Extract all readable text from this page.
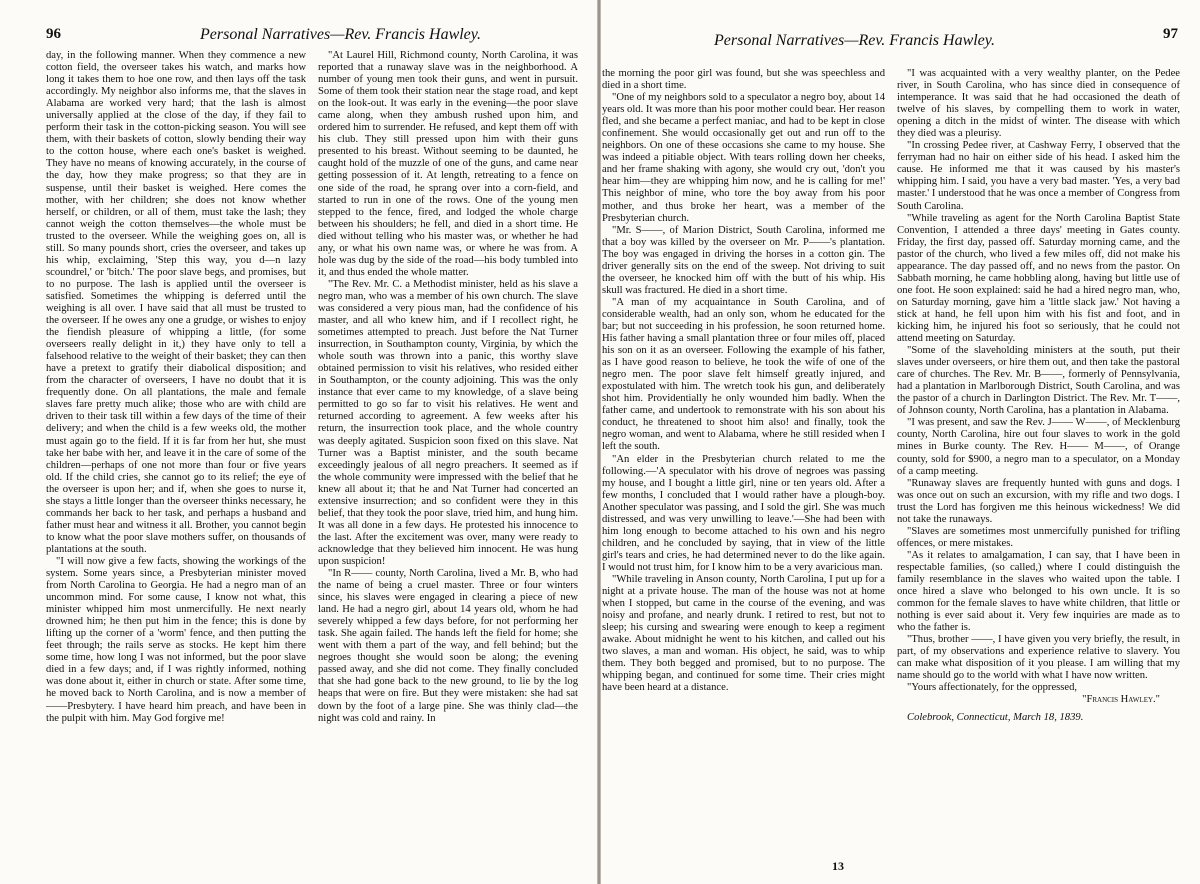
96	Personal Narratives—Rev. Francis Hawley.

day, in the following manner. When they commence a new cotton field, the overseer takes his watch, and marks how long it takes them to hoe one row, and then lays off the task accordingly. My neighbor also informs me, that the slaves in Alabama are worked very hard; that the lash is almost universally applied at the close of the day, if they fail to perform their task in the cotton-picking season. You will see them, with their baskets of cotton, slowly bending their way to the cotton house, where each one's basket is weighed. They have no means of knowing accurately, in the course of the day, how they make progress; so that they are in suspense, until their basket is weighed. Here comes the mother, with her children; she does not know whether herself, or children, or all of them, must take the lash; they cannot weigh the cotton themselves—the whole must be trusted to the overseer. While the weighing goes on, all is still. So many pounds short, cries the overseer, and takes up his whip, exclaiming, 'Step this way, you d—n lazy scoundrel,' or 'bitch.' The poor slave begs, and promises, but to no purpose. The lash is applied until the overseer is satisfied. Sometimes the whipping is deferred until the weighing is all over. I have said that all must be trusted to the overseer. If he owes any one a grudge, or wishes to enjoy the fiendish pleasure of whipping a little, (for some overseers really delight in it,) they have only to tell a falsehood relative to the weight of their basket; they can then have a pretext to gratify their diabolical disposition; and from the character of overseers, I have no doubt that it is frequently done. On all plantations, the male and female slaves fare pretty much alike; those who are with child are driven to their task till within a few days of the time of their delivery; and when the child is a few weeks old, the mother must again go to the field. If it is far from her hut, she must take her babe with her, and leave it in the care of some of the children—perhaps of one not more than four or five years old. If the child cries, she cannot go to its relief; the eye of the overseer is upon her; and if, when she goes to nurse it, she stays a little longer than the overseer thinks necessary, he commands her back to her task, and perhaps a husband and father must hear and witness it all. Brother, you cannot begin to know what the poor slave mothers suffer, on thousands of plantations at the south.

"I will now give a few facts, showing the workings of the system. Some years since, a Presbyterian minister moved from North Carolina to Georgia. He had a negro man of an uncommon mind. For some cause, I know not what, this minister whipped him most unmercifully. He next nearly drowned him; he then put him in the fence; this is done by lifting up the corner of a 'worm' fence, and then putting the feet through; the rails serve as stocks. He kept him there some time, how long I was not informed, but the poor slave died in a few days; and, if I was rightly informed, nothing was done about it, either in church or state. After some time, he moved back to North Carolina, and is now a member of——Presbytery. I have heard him preach, and have been in the pulpit with him. May God forgive me!

"At Laurel Hill, Richmond county, North Carolina, it was reported that a runaway slave was in the neighborhood. A number of young men took their guns, and went in pursuit. Some of them took their station near the stage road, and kept on the look-out. It was early in the evening—the poor slave came along, when they ambush rushed upon him, and ordered him to surrender. He refused, and kept them off with his club. They still pressed upon him with their guns presented to his breast. Without seeming to be daunted, he caught hold of the muzzle of one of the guns, and came near getting possession of it. At length, retreating to a fence on one side of the road, he sprang over into a corn-field, and started to run in one of the rows. One of the young men stepped to the fence, fired, and lodged the whole charge between his shoulders; he fell, and died in a short time. He died without telling who his master was, or whether he had any, or what his own name was, or where he was from. A hole was dug by the side of the road—his body tumbled into it, and thus ended the whole matter.

"The Rev. Mr. C. a Methodist minister, held as his slave a negro man, who was a member of his own church. The slave was considered a very pious man, had the confidence of his master, and all who knew him, and if I recollect right, he sometimes attempted to preach. Just before the Nat Turner insurrection, in Southampton county, Virginia, by which the whole south was thrown into a panic, this worthy slave obtained permission to visit his relatives, who resided either in Southampton, or the county adjoining. This was the only instance that ever came to my knowledge, of a slave being permitted to go so far to visit his relatives. He went and returned according to agreement. A few weeks after his return, the insurrection took place, and the whole country was deeply agitated. Suspicion soon fixed on this slave. Nat Turner was a Baptist minister, and the south became exceedingly jealous of all negro preachers. It seemed as if the whole community were impressed with the belief that he knew all about it; that he and Nat Turner had concerted an extensive insurrection; and so confident were they in this belief, that they took the poor slave, tried him, and hung him. It was all done in a few days. He protested his innocence to the last. After the excitement was over, many were ready to acknowledge that they believed him innocent. He was hung upon suspicion!

"In R—— county, North Carolina, lived a Mr. B, who had the name of being a cruel master. Three or four winters since, his slaves were engaged in clearing a piece of new land. He had a negro girl, about 14 years old, whom he had severely whipped a few days before, for not performing her task. She again failed. The hands left the field for home; she went with them a part of the way, and fell behind; but the negroes thought she would soon be along; the evening passed away, and she did not come. They finally concluded that she had gone back to the new ground, to lie by the log heaps that were on fire. But they were mistaken: she had sat down by the foot of a large pine. She was thinly clad—the night was cold and rainy. In

Personal Narratives—Rev. Francis Hawley.	97

the morning the poor girl was found, but she was speechless and died in a short time.

"One of my neighbors sold to a speculator a negro boy, about 14 years old. It was more than his poor mother could bear. Her reason fled, and she became a perfect maniac, and had to be kept in close confinement. She would occasionally get out and run off to the neighbors. On one of these occasions she came to my house. She was indeed a pitiable object. With tears rolling down her cheeks, and her frame shaking with agony, she would cry out, 'don't you hear him—they are whipping him now, and he is calling for me!' This neighbor of mine, who tore the boy away from his poor mother, and thus broke her heart, was a member of the Presbyterian church.

"Mr. S——, of Marion District, South Carolina, informed me that a boy was killed by the overseer on Mr. P——'s plantation. The boy was engaged in driving the horses in a cotton gin. The driver generally sits on the end of the sweep. Not driving to suit the overseer, he knocked him off with the butt of his whip. His skull was fractured. He died in a short time.

"A man of my acquaintance in South Carolina, and of considerable wealth, had an only son, whom he educated for the bar; but not succeeding in his profession, he soon returned home. His father having a small plantation three or four miles off, placed his son on it as an overseer. Following the example of his father, as I have good reason to believe, he took the wife of one of the negro men. The poor slave felt himself greatly injured, and expostulated with him. The wretch took his gun, and deliberately shot him. Providentially he only wounded him badly. When the father came, and undertook to remonstrate with his son about his conduct, he threatened to shoot him also! and finally, took the negro woman, and went to Alabama, where he still resided when I left the south.

"An elder in the Presbyterian church related to me the following.—'A speculator with his drove of negroes was passing my house, and I bought a little girl, nine or ten years old. After a few months, I concluded that I would rather have a plough-boy. Another speculator was passing, and I sold the girl. She was much distressed, and was very unwilling to leave.'—She had been with him long enough to become attached to his own and his negro children, and he concluded by saying, that in view of the little girl's tears and cries, he had determined never to do the like again. I would not trust him, for I know him to be a very avaricious man.

"While traveling in Anson county, North Carolina, I put up for a night at a private house. The man of the house was not at home when I stopped, but came in the course of the evening, and was noisy and profane, and nearly drunk. I retired to rest, but not to sleep; his cursing and swearing were enough to keep a regiment awake. About midnight he went to his kitchen, and called out his two slaves, a man and woman. His object, he said, was to whip them. They both begged and promised, but to no purpose. The whipping began, and continued for some time. Their cries might have been heard at a distance.

"I was acquainted with a very wealthy planter, on the Pedee river, in South Carolina, who has since died in consequence of intemperance. It was said that he had occasioned the death of twelve of his slaves, by compelling them to work in water, opening a ditch in the midst of winter. The disease with which they died was a pleurisy.

"In crossing Pedee river, at Cashway Ferry, I observed that the ferryman had no hair on either side of his head. I asked him the cause. He informed me that it was caused by his master's whipping him. I said, you have a very bad master. 'Yes, a very bad master.' I understood that he was once a member of Congress from South Carolina.

"While traveling as agent for the North Carolina Baptist State Convention, I attended a three days' meeting in Gates county. Friday, the first day, passed off. Saturday morning came, and the pastor of the church, who lived a few miles off, did not make his appearance. The day passed off, and no news from the pastor. On Sabbath morning, he came hobbling along, having but little use of one foot. He soon explained: said he had a hired negro man, who, on Saturday morning, gave him a 'little slack jaw.' Not having a stick at hand, he fell upon him with his fist and foot, and in kicking him, he injured his foot so seriously, that he could not attend meeting on Saturday.

"Some of the slaveholding ministers at the south, put their slaves under overseers, or hire them out, and then take the pastoral care of churches. The Rev. Mr. B——, formerly of Pennsylvania, had a plantation in Marlborough District, South Carolina, and was the pastor of a church in Darlington District. The Rev. Mr. T——, of Johnson county, North Carolina, has a plantation in Alabama.

"I was present, and saw the Rev. J—— W——, of Mecklenburg county, North Carolina, hire out four slaves to work in the gold mines in Burke county. The Rev. H—— M——, of Orange county, sold for $900, a negro man to a speculator, on a Monday of a camp meeting.

"Runaway slaves are frequently hunted with guns and dogs. I was once out on such an excursion, with my rifle and two dogs. I trust the Lord has forgiven me this heinous wickedness! We did not take the runaways.

"Slaves are sometimes most unmercifully punished for trifling offences, or mere mistakes.

"As it relates to amalgamation, I can say, that I have been in respectable families, (so called,) where I could distinguish the family resemblance in the slaves who waited upon the table. I once hired a slave who belonged to his own uncle. It is so common for the female slaves to have white children, that little or nothing is ever said about it. Very few inquiries are made as to who the father is.

"Thus, brother ——, I have given you very briefly, the result, in part, of my observations and experience relative to slavery. You can make what disposition of it you please. I am willing that my name should go to the world with what I have now written.

"Yours affectionately, for the oppressed,

"Francis Hawley."

Colebrook, Connecticut, March 18, 1839.

13
